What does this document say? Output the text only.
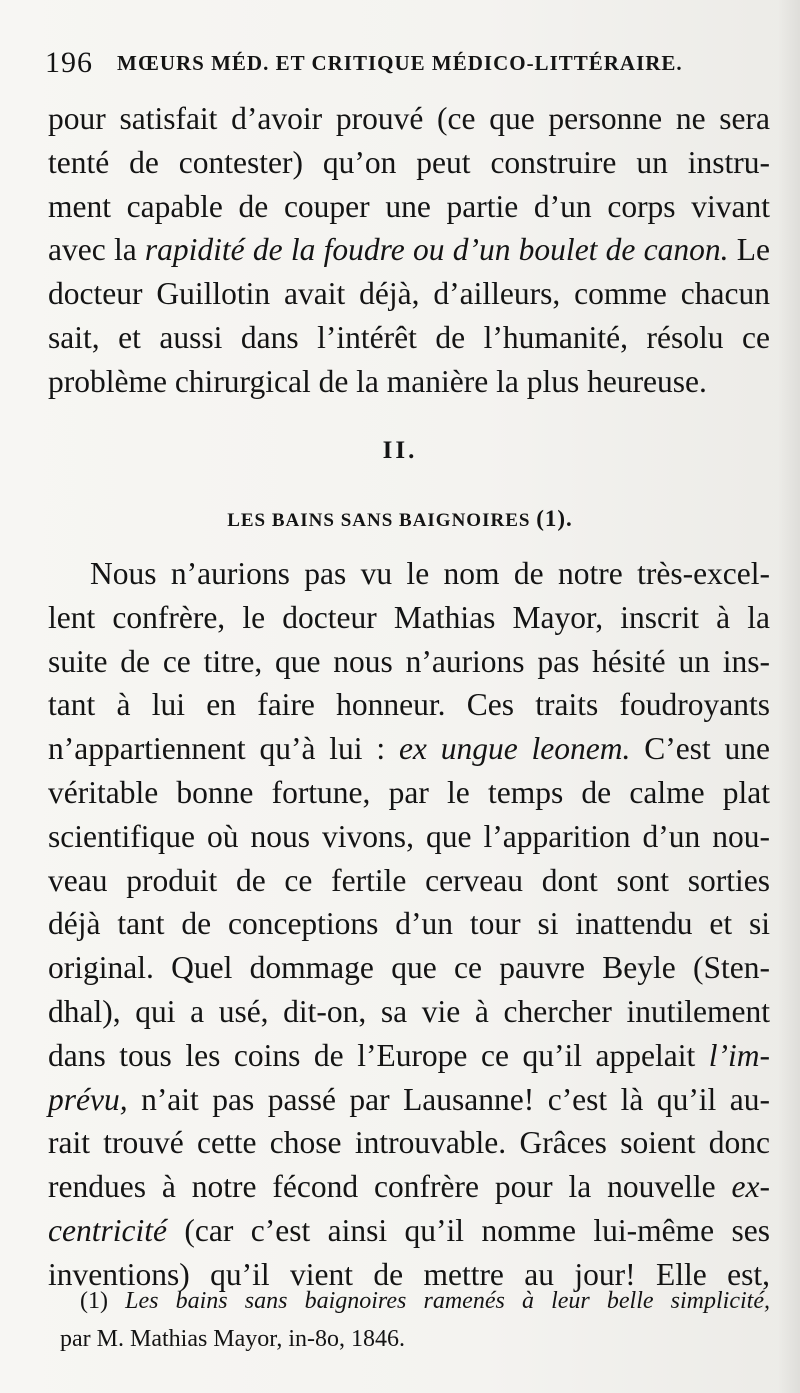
196 MŒURS MÉD. ET CRITIQUE MÉDICO-LITTÉRAIRE.
pour satisfait d’avoir prouvé (ce que personne ne sera
tenté de contester) qu’on peut construire un instru-
ment capable de couper une partie d’un corps vivant
avec la rapidité de la foudre ou d’un boulet de canon. Le
docteur Guillotin avait déjà, d’ailleurs, comme chacun
sait, et aussi dans l’intérêt de l’humanité, résolu ce
problème chirurgical de la manière la plus heureuse.
II.
LES BAINS SANS BAIGNOIRES (1).
Nous n’aurions pas vu le nom de notre très-excel-
lent confrère, le docteur Mathias Mayor, inscrit à la
suite de ce titre, que nous n’aurions pas hésité un ins-
tant à lui en faire honneur. Ces traits foudroyants
n’appartiennent qu’à lui : ex ungue leonem. C’est une
véritable bonne fortune, par le temps de calme plat
scientifique où nous vivons, que l’apparition d’un nou-
veau produit de ce fertile cerveau dont sont sorties
déjà tant de conceptions d’un tour si inattendu et si
original. Quel dommage que ce pauvre Beyle (Sten-
dhal), qui a usé, dit-on, sa vie à chercher inutilement
dans tous les coins de l’Europe ce qu’il appelait l’im-
prévu, n’ait pas passé par Lausanne! c’est là qu’il au-
rait trouvé cette chose introuvable. Grâces soient donc
rendues à notre fécond confrère pour la nouvelle ex-
centricité (car c’est ainsi qu’il nomme lui-même ses
inventions) qu’il vient de mettre au jour! Elle est,
(1) Les bains sans baignoires ramenés à leur belle simplicité,
par M. Mathias Mayor, in-8o, 1846.
